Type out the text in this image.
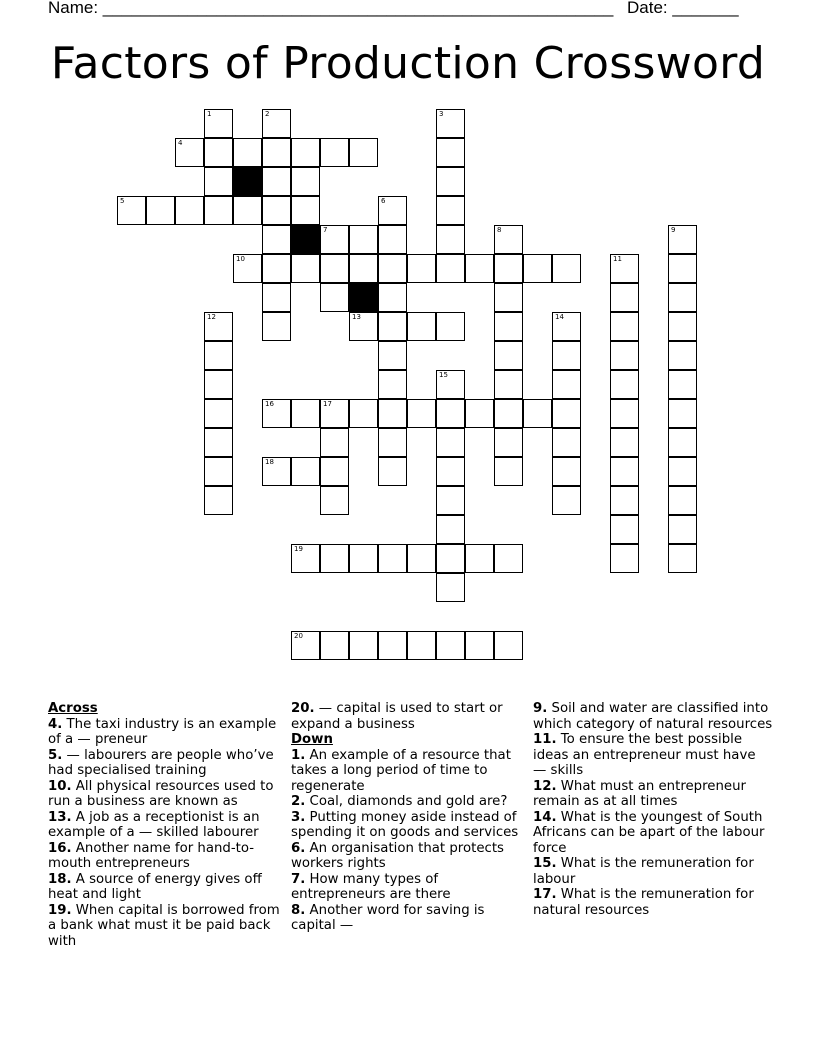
Name: ______________________________________________________ Date: _______
Factors of Production Crossword
1	2	3
4
5	6
7	8	9
10	11
12	13	14
15
16	17
18
19
20

Across

4. The taxi industry is an example of a — preneur

5. — labourers are people who’ve had specialised training

10. All physical resources used to run a business are known as

13. A job as a receptionist is an example of a — skilled labourer

16. Another name for hand-to-mouth entrepreneurs

18. A source of energy gives off heat and light

19. When capital is borrowed from a bank what must it be paid back with

20. — capital is used to start or expand a business

Down

1. An example of a resource that takes a long period of time to regenerate

2. Coal, diamonds and gold are?

3. Putting money aside instead of spending it on goods and services

6. An organisation that protects workers rights

7. How many types of entrepreneurs are there

8. Another word for saving is capital —

9. Soil and water are classified into which category of natural resources

11. To ensure the best possible ideas an entrepreneur must have — skills

12. What must an entrepreneur remain as at all times

14. What is the youngest of South Africans can be apart of the labour force

15. What is the remuneration for labour

17. What is the remuneration for natural resources
